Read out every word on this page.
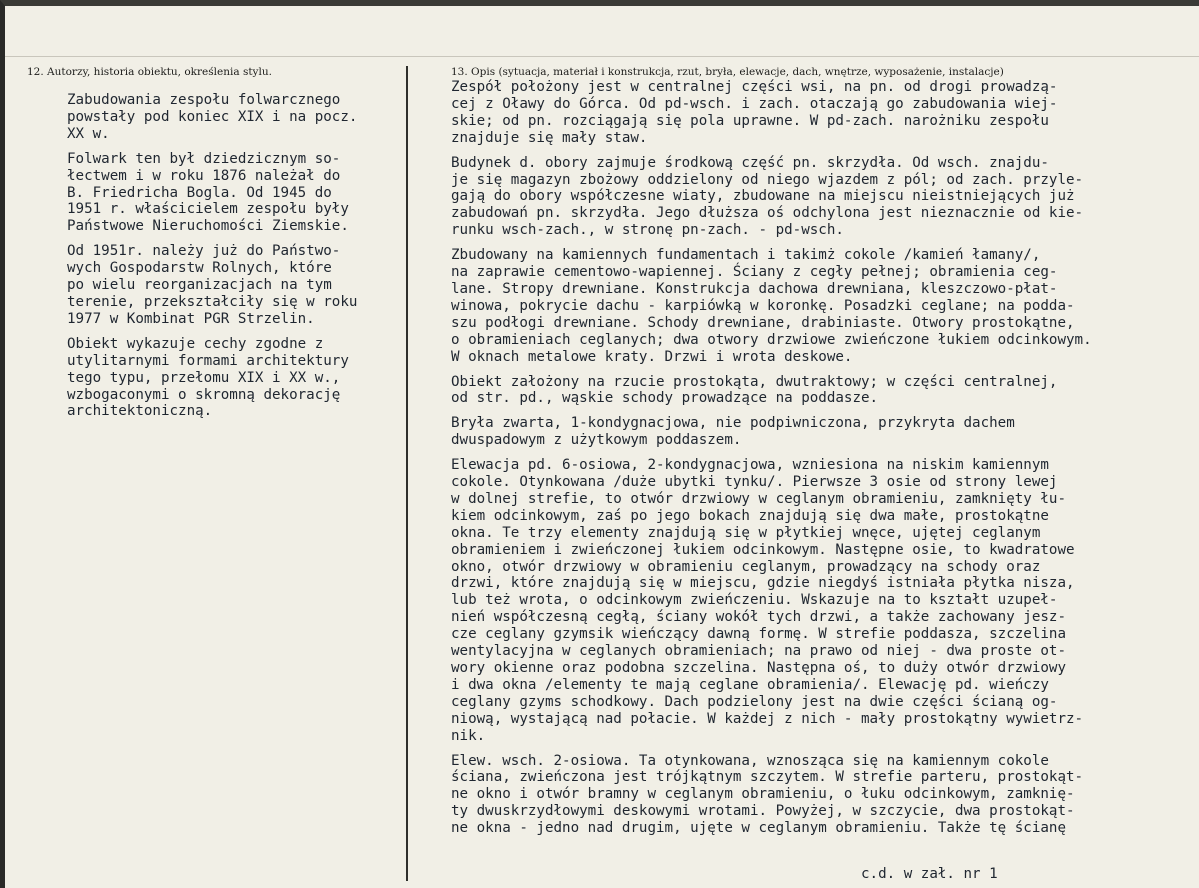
12. Autorzy, historia obiektu, określenia stylu.	13. Opis (sytuacja, materiał i konstrukcja, rzut, bryła, elewacje, dach, wnętrze, wyposażenie, instalacje)
Zabudowania zespołu folwarcznego
powstały pod koniec XIX i na pocz.
XX w.
Folwark ten był dziedzicznym so-
łectwem i w roku 1876 należał do
B. Friedricha Bogla. Od 1945 do
1951 r. właścicielem zespołu były
Państwowe Nieruchomości Ziemskie.
Od 1951r. należy już do Państwo-
wych Gospodarstw Rolnych, które
po wielu reorganizacjach na tym
terenie, przekształciły się w roku
1977 w Kombinat PGR Strzelin.
Obiekt wykazuje cechy zgodne z
utylitarnymi formami architektury
tego typu, przełomu XIX i XX w.,
wzbogaconymi o skromną dekorację
architektoniczną.
Zespół położony jest w centralnej części wsi, na pn. od drogi prowadzą-
cej z Oławy do Górca. Od pd-wsch. i zach. otaczają go zabudowania wiej-
skie; od pn. rozciągają się pola uprawne. W pd-zach. narożniku zespołu
znajduje się mały staw.
Budynek d. obory zajmuje środkową część pn. skrzydła. Od wsch. znajdu-
je się magazyn zbożowy oddzielony od niego wjazdem z pól; od zach. przyle-
gają do obory współczesne wiaty, zbudowane na miejscu nieistniejących już
zabudowań pn. skrzydła. Jego dłuższa oś odchylona jest nieznacznie od kie-
runku wsch-zach., w stronę pn-zach. - pd-wsch.
Zbudowany na kamiennych fundamentach i takimż cokole /kamień łamany/,
na zaprawie cementowo-wapiennej. Ściany z cegły pełnej; obramienia ceg-
lane. Stropy drewniane. Konstrukcja dachowa drewniana, kleszczowo-płat-
winowa, pokrycie dachu - karpiówką w koronkę. Posadzki ceglane; na podda-
szu podłogi drewniane. Schody drewniane, drabiniaste. Otwory prostokątne,
o obramieniach ceglanych; dwa otwory drzwiowe zwieńczone łukiem odcinkowym.
W oknach metalowe kraty. Drzwi i wrota deskowe.
Obiekt założony na rzucie prostokąta, dwutraktowy; w części centralnej,
od str. pd., wąskie schody prowadzące na poddasze.
Bryła zwarta, 1-kondygnacjowa, nie podpiwniczona, przykryta dachem
dwuspadowym z użytkowym poddaszem.
Elewacja pd. 6-osiowa, 2-kondygnacjowa, wzniesiona na niskim kamiennym
cokole. Otynkowana /duże ubytki tynku/. Pierwsze 3 osie od strony lewej
w dolnej strefie, to otwór drzwiowy w ceglanym obramieniu, zamknięty łu-
kiem odcinkowym, zaś po jego bokach znajdują się dwa małe, prostokątne
okna. Te trzy elementy znajdują się w płytkiej wnęce, ujętej ceglanym
obramieniem i zwieńczonej łukiem odcinkowym. Następne osie, to kwadratowe
okno, otwór drzwiowy w obramieniu ceglanym, prowadzący na schody oraz
drzwi, które znajdują się w miejscu, gdzie niegdyś istniała płytka nisza,
lub też wrota, o odcinkowym zwieńczeniu. Wskazuje na to kształt uzupeł-
nień współczesną cegłą, ściany wokół tych drzwi, a także zachowany jesz-
cze ceglany gzymsik wieńczący dawną formę. W strefie poddasza, szczelina
wentylacyjna w ceglanych obramieniach; na prawo od niej - dwa proste ot-
wory okienne oraz podobna szczelina. Następna oś, to duży otwór drzwiowy
i dwa okna /elementy te mają ceglane obramienia/. Elewację pd. wieńczy
ceglany gzyms schodkowy. Dach podzielony jest na dwie części ścianą og-
niową, wystającą nad połacie. W każdej z nich - mały prostokątny wywietrz-
nik.
Elew. wsch. 2-osiowa. Ta otynkowana, wznosząca się na kamiennym cokole
ściana, zwieńczona jest trójkątnym szczytem. W strefie parteru, prostokąt-
ne okno i otwór bramny w ceglanym obramieniu, o łuku odcinkowym, zamknię-
ty dwuskrzydłowymi deskowymi wrotami. Powyżej, w szczycie, dwa prostokąt-
ne okna - jedno nad drugim, ujęte w ceglanym obramieniu. Także tę ścianę
c.d. w zał. nr 1
